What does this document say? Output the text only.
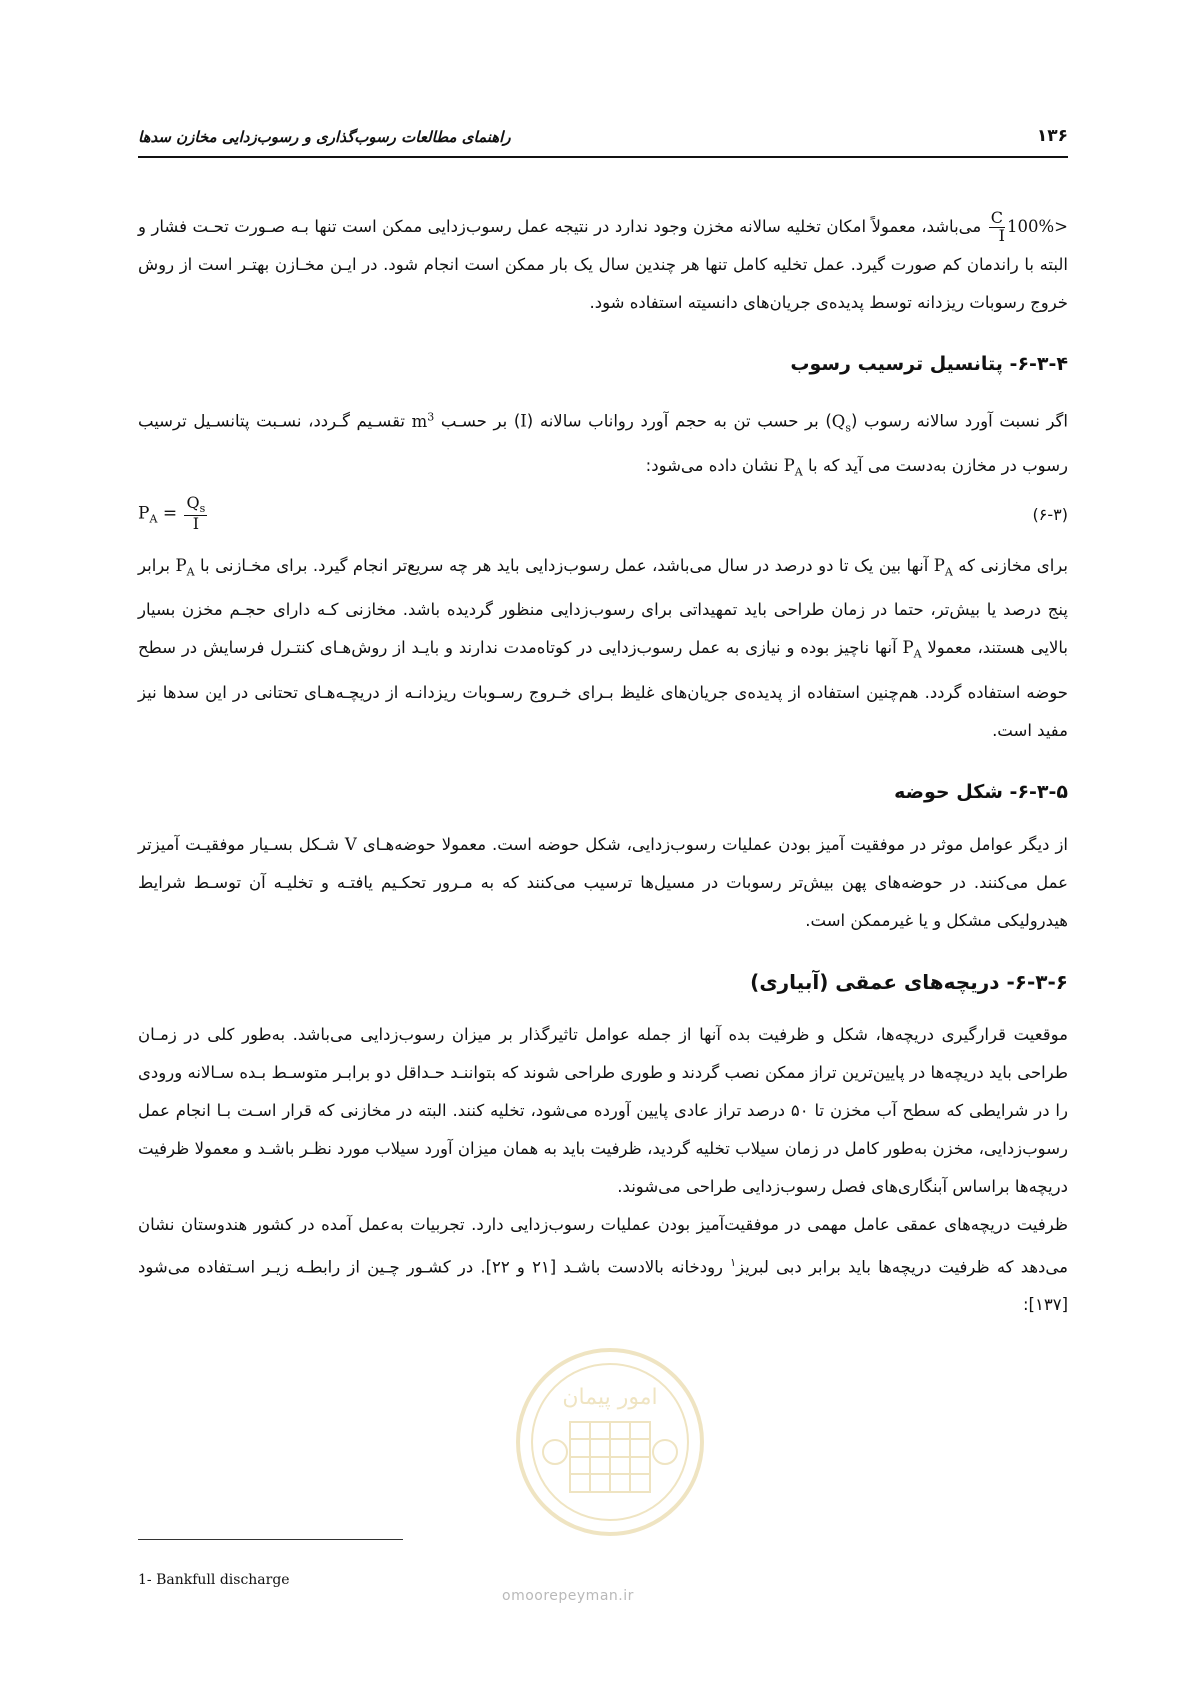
راهنمای مطالعات رسوب‌گذاری و رسوب‌زدایی مخازن سدها	۱۳۶

$\frac{C}{I} 100\%>$ می‌باشد، معمولاً امکان تخلیه سالانه مخزن وجود ندارد در نتیجه عمل رسوب‌زدایی ممکن است تنها بـه صـورت تحـت فشار و البته با راندمان کم صورت گیرد. عمل تخلیه کامل تنها هر چندین سال یک بار ممکن است انجام شود. در ایـن مخـازن بهتـر است از روش خروج رسوبات ریزدانه توسط پدیده‌ی جریان‌های دانسیته استفاده شود.

۶-۳-۴- پتانسیل ترسیب رسوب

اگر نسبت آورد سالانه رسوب $(Q_s)$ بر حسب تن به حجم آورد رواناب سالانه (I) بر حسـب $m^3$ تقسـیم گـردد، نسـبت پتانسـیل ترسیب رسوب در مخازن به‌دست می آید که با $P_A$ نشان داده می‌شود:

$P_A = \frac{Q_s}{I}$	(۶-۳)

برای مخازنی که $P_A$ آنها بین یک تا دو درصد در سال می‌باشد، عمل رسوب‌زدایی باید هر چه سریع‌تر انجام گیرد. برای مخـازنی با $P_A$ برابر پنج درصد یا بیش‌تر، حتما در زمان طراحی باید تمهیداتی برای رسوب‌زدایی منظور گردیده باشد. مخازنی کـه دارای حجـم مخزن بسیار بالایی هستند، معمولا $P_A$ آنها ناچیز بوده و نیازی به عمل رسوب‌زدایی در کوتاه‌مدت ندارند و بایـد از روش‌هـای کنتـرل فرسایش در سطح حوضه استفاده گردد. هم‌چنین استفاده از پدیده‌ی جریان‌های غلیظ بـرای خـروج رسـوبات ریزدانـه از دریچـه‌هـای تحتانی در این سدها نیز مفید است.

۶-۳-۵- شکل حوضه

از دیگر عوامل موثر در موفقیت آمیز بودن عملیات رسوب‌زدایی، شکل حوضه است. معمولا حوضه‌هـای V شـکل بسـیار موفقیـت آمیزتر عمل می‌کنند. در حوضه‌های پهن بیش‌تر رسوبات در مسیل‌ها ترسیب می‌کنند که به مـرور تحکـیم یافتـه و تخلیـه آن توسـط شرایط هیدرولیکی مشکل و یا غیرممکن است.

۶-۳-۶- دریچه‌های عمقی (آبیاری)

موقعیت قرارگیری دریچه‌ها، شکل و ظرفیت بده آنها از جمله عوامل تاثیرگذار بر میزان رسوب‌زدایی می‌باشد. به‌طور کلی در زمـان طراحی باید دریچه‌ها در پایین‌ترین تراز ممکن نصب گردند و طوری طراحی شوند که بتواننـد حـداقل دو برابـر متوسـط بـده سـالانه ورودی را در شرایطی که سطح آب مخزن تا ۵۰ درصد تراز عادی پایین آورده می‌شود، تخلیه کنند. البته در مخازنی که قرار اسـت بـا انجام عمل رسوب‌زدایی، مخزن به‌طور کامل در زمان سیلاب تخلیه گردید، ظرفیت باید به همان میزان آورد سیلاب مورد نظـر باشـد و معمولا ظرفیت دریچه‌ها براساس آبنگاری‌های فصل رسوب‌زدایی طراحی می‌شوند.

ظرفیت دریچه‌های عمقی عامل مهمی در موفقیت‌آمیز بودن عملیات رسوب‌زدایی دارد. تجربیات به‌عمل آمده در کشور هندوستان نشان می‌دهد که ظرفیت دریچه‌ها باید برابر دبی لبریز$^۱$ رودخانه بالادست باشـد [۲۱ و ۲۲]. در کشـور چـین از رابطـه زیـر اسـتفاده می‌شود [۱۳۷]:

امور پیمان
omoorepeyman.ir
1- Bankfull discharge
